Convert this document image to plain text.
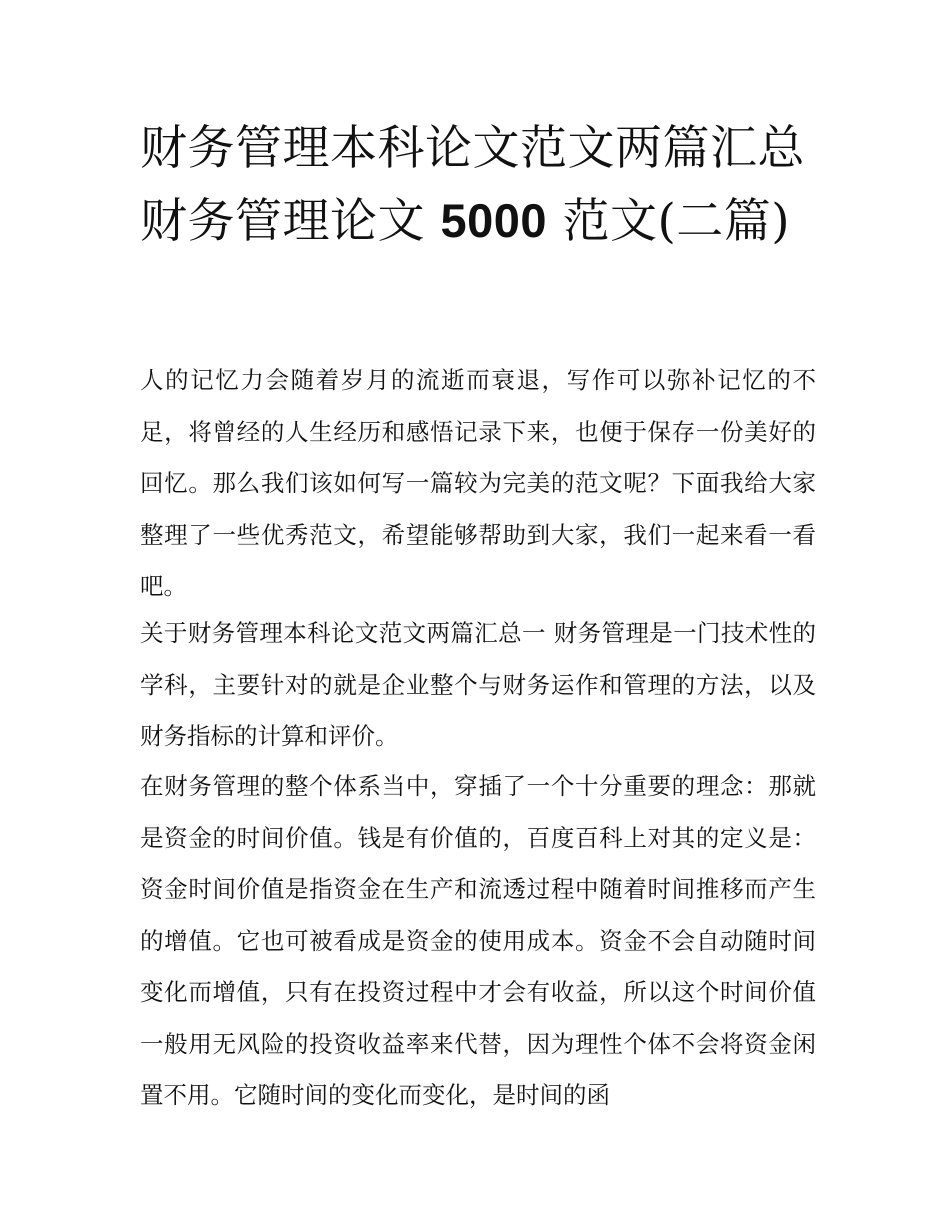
财务管理本科论文范文两篇汇总 财务管理论文 5000 范文(二篇)

人的记忆力会随着岁月的流逝而衰退，写作可以弥补记忆的不足，将曾经的人生经历和感悟记录下来，也便于保存一份美好的回忆。那么我们该如何写一篇较为完美的范文呢？下面我给大家整理了一些优秀范文，希望能够帮助到大家，我们一起来看一看吧。

关于财务管理本科论文范文两篇汇总一 财务管理是一门技术性的学科，主要针对的就是企业整个与财务运作和管理的方法，以及财务指标的计算和评价。

在财务管理的整个体系当中，穿插了一个十分重要的理念：那就是资金的时间价值。钱是有价值的，百度百科上对其的定义是：资金时间价值是指资金在生产和流透过程中随着时间推移而产生的增值。它也可被看成是资金的使用成本。资金不会自动随时间变化而增值，只有在投资过程中才会有收益，所以这个时间价值一般用无风险的投资收益率来代替，因为理性个体不会将资金闲置不用。它随时间的变化而变化，是时间的函
